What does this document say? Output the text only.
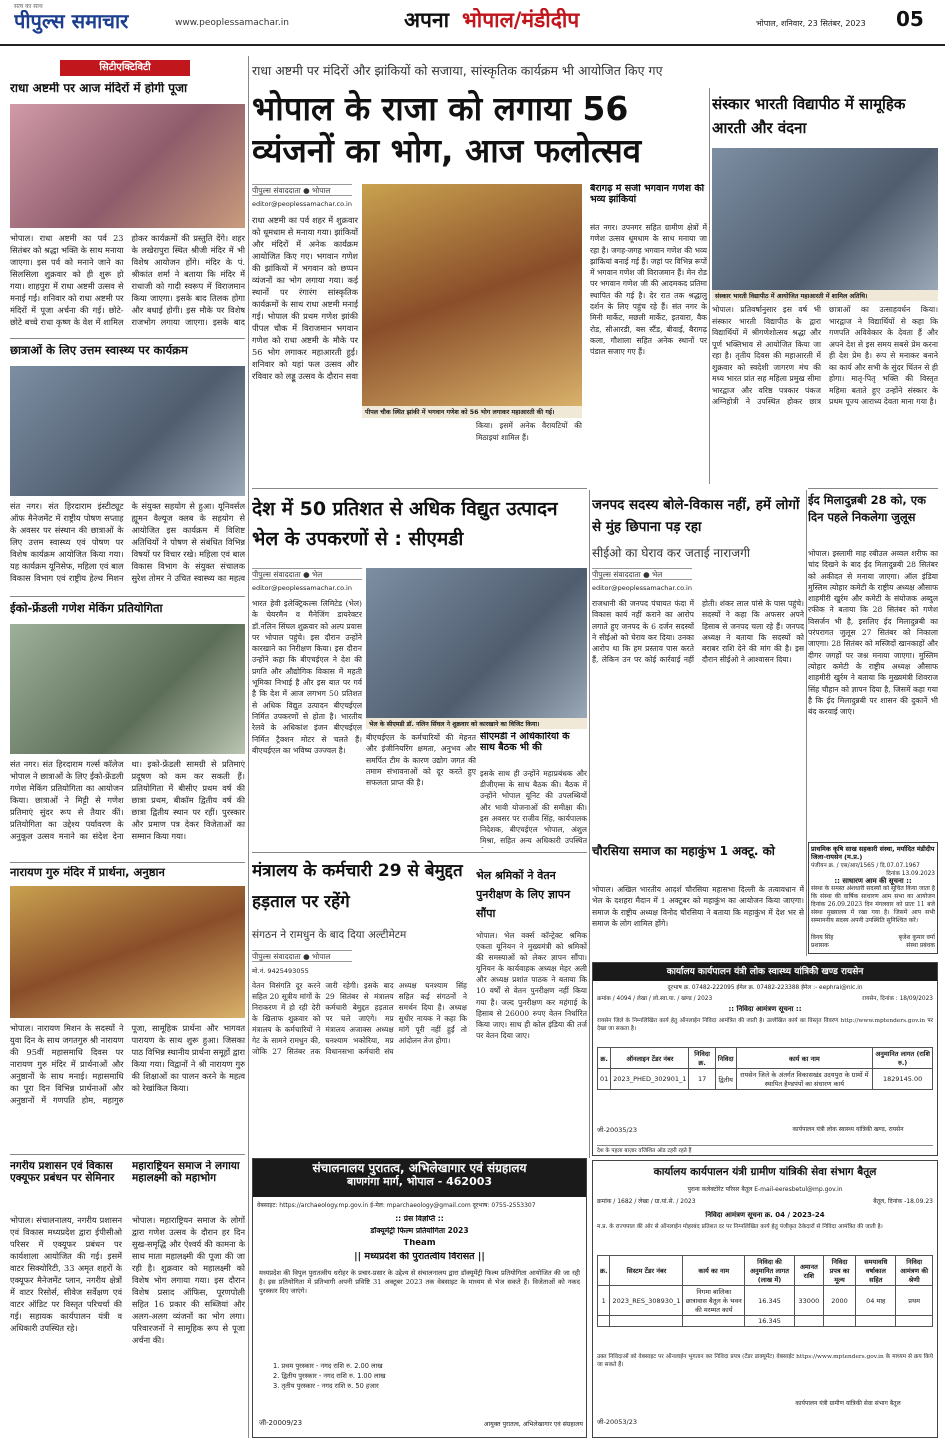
पीपुल्स समाचार
सत्य का साथ
www.peoplessamachar.in	अपना भोपाल/मंडीदीप	भोपाल, शनिवार, 23 सितंबर, 2023	05
सिटीएक्टिविटी
राधा अष्टमी पर आज मंदिरों में होगी पूजा
भोपाल। राधा अष्टमी का पर्व 23 सितंबर को श्रद्धा भक्ति के साथ मनाया जाएगा। इस पर्व को मनाने जाने का सिलसिला शुक्रवार को ही शुरू हो गया। शाहपुरा में राधा अष्टमी उत्सव से मनाई गई। शनिवार को राधा अष्टमी पर मंदिरों में पूजा अर्चना की गई। छोटे-छोटे बच्चे राधा कृष्ण के वेश में शामिल होकर कार्यक्रमों की प्रस्तुति देंगे। शहर के लखेरापुरा स्थित श्रीजी मंदिर में भी विशेष आयोजन होंगे। मंदिर के पं. श्रीकांत शर्मा ने बताया कि मंदिर में राधाजी को गादी स्वरूप में विराजमान किया जाएगा। इसके बाद तिलक होगा और बधाई होगी। इस मौके पर विशेष राजभोग लगाया जाएगा। इसके बाद
छात्राओं के लिए उत्तम स्वास्थ्य पर कार्यक्रम
संत नगर। संत हिरदाराम इंस्टीट्यूट ऑफ मैनेजमेंट में राष्ट्रीय पोषण सप्ताह के अवसर पर संस्थान की छात्राओं के लिए उत्तम स्वास्थ्य एवं पोषण पर विशेष कार्यक्रम आयोजित किया गया। यह कार्यक्रम यूनिसेफ, महिला एवं बाल विकास विभाग एवं राष्ट्रीय हेल्थ मिशन के संयुक्त सहयोग से हुआ। यूनिवर्सल ह्यूमन वैल्यूज क्लब के सहयोग से आयोजित इस कार्यक्रम में विशिष्ट अतिथियों ने पोषण से संबंधित विभिन्न विषयों पर विचार रखे। महिला एवं बाल विकास विभाग के संयुक्त संचालक सुरेश तोमर ने उचित स्वास्थ्य का महत्व
ईको-फ्रेंडली गणेश मेकिंग प्रतियोगिता
संत नगर। संत हिरदाराम गर्ल्स कॉलेज भोपाल ने छात्राओं के लिए ईको-फ्रेंडली गणेश मेकिंग प्रतियोगिता का आयोजन किया। छात्राओं ने मिट्टी से गणेश प्रतिमाएं सुंदर रूप से तैयार कीं। प्रतियोगिता का उद्देश्य पर्यावरण के अनुकूल उत्सव मनाने का संदेश देना था। इको-फ्रेंडली सामग्री से प्रतिमाएं प्रदूषण को कम कर सकती हैं। प्रतियोगिता में बीसीए प्रथम वर्ष की छात्रा प्रथम, बीकॉम द्वितीय वर्ष की छात्रा द्वितीय स्थान पर रहीं। पुरस्कार और प्रमाण पत्र देकर विजेताओं का सम्मान किया गया।
नारायण गुरु मंदिर में प्रार्थना, अनुष्ठान
भोपाल। नारायण मिशन के सदस्यों ने युवा दिन के साथ जगतगुरु श्री नारायण की 95वीं महासमाधि दिवस पर नारायण गुरु मंदिर में प्रार्थनाओं और अनुष्ठानों के साथ मनाई। महासमाधि का पूरा दिन विभिन्न प्रार्थनाओं और अनुष्ठानों में गणपति होम, महागुरु पूजा, सामूहिक प्रार्थना और भागवत पारायण के साथ शुरू हुआ। जिसका पाठ विभिन्न स्थानीय प्रार्थना समूहों द्वारा किया गया। विद्वानों ने श्री नारायण गुरु की शिक्षाओं का पालन करने के महत्व को रेखांकित किया।
नगरीय प्रशासन एवं विकास एक्यूफर प्रबंधन पर सेमिनार
भोपाल। संचालनालय, नगरीय प्रशासन एवं विकास मध्यप्रदेश द्वारा ईपीसीओ परिसर में एक्यूफर प्रबंधन पर कार्यशाला आयोजित की गई। इसमें वाटर सिक्योरिटी, 33 अमृत शहरों के एक्यूफर मैनेजमेंट प्लान, नगरीय क्षेत्रों में वाटर रिसोर्स, सीवेज सर्वेक्षण एवं वाटर ऑडिट पर विस्तृत परिचर्चा की गई। सहायक कार्यपालन यंत्री व अधिकारी उपस्थित रहे।
महाराष्ट्रियन समाज ने लगाया महालक्ष्मी को महाभोग
भोपाल। महाराष्ट्रियन समाज के लोगों द्वारा गणेश उत्सव के दौरान हर दिन सुख-समृद्धि और ऐश्वर्य की कामना के साथ माता महालक्ष्मी की पूजा की जा रही है। शुक्रवार को महालक्ष्मी को विशेष भोग लगाया गया। इस दौरान विशेष प्रसाद ऑफिस, पूरणपोली सहित 16 प्रकार की सब्जियां और अलग-अलग व्यंजनों का भोग लगा। परिवारजनों ने सामूहिक रूप से पूजा अर्चना की।
राधा अष्टमी पर मंदिरों और झांकियों को सजाया, सांस्कृतिक कार्यक्रम भी आयोजित किए गए
भोपाल के राजा को लगाया 56 व्यंजनों का भोग, आज फलोत्सव
पीपुल्स संवाददाता ● भोपाल
editor@peoplessamachar.co.in
राधा अष्टमी का पर्व शहर में शुक्रवार को धूमधाम से मनाया गया। झांकियों और मंदिरों में अनेक कार्यक्रम आयोजित किए गए। भगवान गणेश की झांकियों में भगवान को छप्पन व्यंजनों का भोग लगाया गया। कई स्थानों पर रंगारंग सांस्कृतिक कार्यक्रमों के साथ राधा अष्टमी मनाई गई। भोपाल की प्रथम गणेश झांकी पीपल चौक में विराजमान भगवान गणेश को राधा अष्टमी के मौके पर 56 भोग लगाकर महाआरती हुई। शनिवार को यहां फल उत्सव और रविवार को लड्डू उत्सव के दौरान सवा
पीपल चौक स्थित झांकी में भगवान गणेश को 56 भोग लगाकर महाआरती की गई।
किया। इसमें अनेक वैरायटियों की मिठाइयां शामिल हैं।
बैरागढ़ में सजी भगवान गणेश की भव्य झांकियां
संत नगर। उपनगर सहित ग्रामीण क्षेत्रों में गणेश उत्सव धूमधाम के साथ मनाया जा रहा है। जगह-जगह भगवान गणेश की भव्य झांकियां बनाई गई हैं। जहां पर विभिन्न रूपों में भगवान गणेश जी विराजमान हैं। मेन रोड पर भगवान गणेश जी की आदमकद प्रतिमा स्थापित की गई है। देर रात तक श्रद्धालु दर्शन के लिए पहुंच रहे हैं। संत नगर के मिनी मार्केट, मछली मार्केट, इतवारा, वैक रोड, सीआरडी, बस स्टैंड, बीवाई, बैरागढ़ कला, गौशाला सहित अनेक स्थानों पर पंडाल सजाए गए हैं।
संस्कार भारती विद्यापीठ में सामूहिक आरती और वंदना
संस्कार भारती विद्यापीठ में आयोजित महाआरती में शामिल अतिथि।
भोपाल। प्रतिवर्षानुसार इस वर्ष भी संस्कार भारती विद्यापीठ के द्वारा विद्यार्थियों में श्रीगणेशोत्सव श्रद्धा और पूर्ण भक्तिभाव से आयोजित किया जा रहा है। तृतीय दिवस की महाआरती में शुक्रवार को स्वदेशी जागरण मंच की मध्य भारत प्रांत सह महिला प्रमुख सीमा भारद्वाज और वरिष्ठ पत्रकार पंकज अग्निहोत्री ने उपस्थित होकर छात्र छात्राओं का उत्साहवर्धन किया। भारद्वाज ने विद्यार्थियों से कहा कि गणपति अविवेकार के देवता हैं और अपने देश से इस समय सबसे प्रेम करना ही देश प्रेम है। रूप से मनाकर बनाने का कार्य और सभी के सुंदर चिंतन से ही होगा। मातृ-पितृ भक्ति की विस्तृत महिमा बताते हुए उन्होंने संस्कार के प्रथम पूज्य आराध्य देवता माना गया है।
ईद मिलादुन्नबी 28 को, एक दिन पहले निकलेगा जुलूस
भोपाल। इस्लामी माह रबीउल अव्वल शरीफ का चांद दिखने के बाद ईद मिलादुन्नबी 28 सितंबर को अकीदत से मनाया जाएगा। ऑल इंडिया मुस्लिम त्योहार कमेटी के राष्ट्रीय अध्यक्ष औसाफ शाहमीरी खुर्रम और कमेटी के संयोजक अब्दुल रफीक ने बताया कि 28 सितंबर को गणेश विसर्जन भी है, इसलिए ईद मिलादुन्नबी का परंपरागत जुलूस 27 सितंबर को निकाला जाएगा। 28 सितंबर को मस्जिदों खानकाहों और दीगर जगहों पर जश्न मनाया जाएगा। मुस्लिम त्योहार कमेटी के राष्ट्रीय अध्यक्ष औसाफ शाहमीरी खुर्रम ने बताया कि मुख्यमंत्री शिवराज सिंह चौहान को ज्ञापन दिया है, जिसमें कहा गया है कि ईद मिलादुन्नबी पर शासन की दुकानें भी बंद करवाई जाएं।
देश में 50 प्रतिशत से अधिक विद्युत उत्पादन भेल के उपकरणों से : सीएमडी
पीपुल्स संवाददाता ● भेल
editor@peoplessamachar.co.in
भारत हेवी इलेक्ट्रिकल्स लिमिटेड (भेल) के चेयरमैन व मैनेजिंग डायरेक्टर डॉ.नलिन सिंघल शुक्रवार को अल्प प्रवास पर भोपाल पहुंचे। इस दौरान उन्होंने कारखाने का निरीक्षण किया। इस दौरान उन्होंने कहा कि बीएचईएल ने देश की प्रगति और औद्योगिक विकास में महती भूमिका निभाई है और इस बात पर गर्व है कि देश में आज लगभग 50 प्रतिशत से अधिक विद्युत उत्पादन बीएचईएल निर्मित उपकरणों से होता है। भारतीय रेलवे के अधिकांश इंजन बीएचईएल निर्मित ट्रैक्शन मोटर से चलते हैं। बीएचईएल का भविष्य उज्ज्वल है।
भेल के सीएमडी डॉ. नलिन सिंघल ने शुक्रवार को कारखाने का विजिट किया।
बीएचईएल के कर्मचारियों की मेहनत और इंजीनियरिंग क्षमता, अनुभव और समर्पित टीम के कारण उद्योग जगत की तमाम संभावनाओं को दूर करते हुए सफलता प्राप्त की है।
सीएमडी ने अधिकारियों के साथ बैठक भी की
इसके साथ ही उन्होंने महाप्रबंधक और डीजीएम्स के साथ बैठक की। बैठक में उन्होंने भोपाल यूनिट की उपलब्धियों और भावी योजनाओं की समीक्षा की। इस अवसर पर राजीव सिंह, कार्यपालक निदेशक, बीएचईएल भोपाल, अंशुल मिश्रा, सहित अन्य अधिकारी उपस्थित
जनपद सदस्य बोले-विकास नहीं, हमें लोगों से मुंह छिपाना पड़ रहा
सीईओ का घेराव कर जताई नाराजगी
पीपुल्स संवाददाता ● भेल
editor@peoplessamachar.co.in
राजधानी की जनपद पंचायत फंदा में विकास कार्य नहीं कराने का आरोप लगाते हुए जनपद के 6 दर्जन सदस्यों ने सीईओ को घेराव कर दिया। उनका आरोप था कि हम प्रस्ताव पास करते हैं, लेकिन उन पर कोई कार्रवाई नहीं होती। शंकर लाल पांसे के पास पहुंचे। सदस्यों ने कहा कि अफसर अपने हिसाब से जनपद चला रहे हैं। जनपद अध्यक्ष ने बताया कि सदस्यों को बराबर राशि देने की मांग की है। इस दौरान सीईओ ने आश्वासन दिया।
चौरसिया समाज का महाकुंभ 1 अक्टू. को
भोपाल। अखिल भारतीय आदर्श चौरसिया महासभा दिल्ली के तत्वावधान में भेल के दशहरा मैदान में 1 अक्टूबर को महाकुंभ का आयोजन किया जाएगा। समाज के राष्ट्रीय अध्यक्ष विनोद चौरसिया ने बताया कि महाकुंभ में देश भर से समाज के लोग शामिल होंगे।
प्राथमिक कृषि साख सहकारी संस्था, मर्यादित मंडीदीप जिला-रायसेन (म.प्र.)
पंजीयन क्र. / एस/आर/1565 / दि.07.07.1967
दिनांक 13.09.2023
:: साधारण आम की सूचना ::
संस्था के समस्त अंशधारी सदस्यों को सूचित किया जाता है कि संस्था की वार्षिक साधारण आम सभा का आयोजन दिनांक 26.09.2023 दिन मंगलवार को प्रातः 11 बजे संस्था मुख्यालय में रखा गया है। जिसमें आप सभी सम्माननीय सदस्य अपनी उपस्थिति सुनिश्चित करें।
विनय सिंह	बृजेश कुमार वर्मा
प्रशासक	संस्था प्रबंधक
मंत्रालय के कर्मचारी 29 से बेमुद्दत हड़ताल पर रहेंगे
संगठन ने रामधुन के बाद दिया अल्टीमेटम
पीपुल्स संवाददाता ● भोपाल
मो.नं. 9425493055
वेतन विसंगति दूर करने सहित 20 सूत्रीय मांगों के निराकरण में हो रही देरी के खिलाफ शुक्रवार को मंत्रालय के कर्मचारियों ने गेट के सामने रामधुन की, जोकि 27 सितंबर तक जारी रहेगी। इसके बाद 29 सितंबर से मंत्रालय कर्मचारी बेमुद्दत हड़ताल पर चले जाएंगे। मप्र मंत्रालय अजाक्स अध्यक्ष घनश्याम भकोरिया, मप्र विधानसभा कर्मचारी संघ अध्यक्ष घनश्याम सिंह सहित कई संगठनों ने समर्थन दिया है। अध्यक्ष सुधीर नायक ने कहा कि मांगें पूरी नहीं हुईं तो आंदोलन तेज होगा।
भेल श्रमिकों ने वेतन पुनरीक्षण के लिए ज्ञापन सौंपा
भोपाल। भेल वर्क्स कॉन्ट्रेक्ट श्रमिक एकता यूनियन ने मुख्यमंत्री को श्रमिकों की समस्याओं को लेकर ज्ञापन सौंपा। यूनियन के कार्यवाहक अध्यक्ष मेहर अली और अध्यक्ष प्रशांत पाठक ने बताया कि 10 वर्षों से वेतन पुनरीक्षण नहीं किया गया है। जल्द पुनरीक्षण कर महंगाई के हिसाब से 26000 रुपए वेतन निर्धारित किया जाए। साथ ही कोल इंडिया की तर्ज पर वेतन दिया जाए।
संचालनालय पुरातत्व, अभिलेखागार एवं संग्रहालय
बाणगंगा मार्ग, भोपाल - 462003
वेबसाइट: https://archaeology.mp.gov.in ई-मेल: mparchaeology@gmail.com दूरभाष: 0755-2553307
:: प्रेस विज्ञप्ति ::
डॉक्यूमेंट्री फिल्म प्रतियोगिता 2023
Theam
|| मध्यप्रदेश की पुरातत्वीय विरासत ||
मध्यप्रदेश की विपुल पुरातत्वीय धरोहर के प्रचार-प्रसार के उद्देश्य से संचालनालय द्वारा डॉक्यूमेंट्री फिल्म प्रतियोगिता आयोजित की जा रही है। इस प्रतियोगिता में प्रतिभागी अपनी प्रविष्टि 31 अक्टूबर 2023 तक वेबसाइट के माध्यम से भेज सकते हैं। विजेताओं को नकद पुरस्कार दिए जाएंगे।
1. प्रथम पुरस्कार - नगद राशि रु. 2.00 लाख
2. द्वितीय पुरस्कार - नगद राशि रु. 1.00 लाख
3. तृतीय पुरस्कार - नगद राशि रु. 50 हजार
जी-20009/23	आयुक्त पुरातत्व, अभिलेखागार एवं संग्रहालय
कार्यालय कार्यपालन यंत्री लोक स्वास्थ्य यांत्रिकी खण्ड रायसेन
दूरभाष क्र. 07482-222095 ईमेल क्र. 07482-223388 ईमेल :- eephrai@nic.in
क्रमांक / 4094 / लेखा / लो.स्वा.या. / खण्ड / 2023	रायसेन, दिनांक : 18/09/2023
:: निविदा आमंत्रण सूचना ::
रायसेन जिले के निम्नलिखित कार्य हेतु ऑनलाईन निविदा आमंत्रित की जाती है। उल्लेखित कार्य का विस्तृत विवरण http://www.mptenders.gov.in पर देखा जा सकता है।
क्र.	ऑनलाइन टेंडर नंबर	निविदा क्र.	निविदा	कार्य का नाम	अनुमानित लागत (राशि रु.)
01	2023_PHED_302901_1	17	द्वितीय	रायसेन जिले के अंतर्गत विकासखंड उदयपुरा के ग्रामों में स्थापित हैण्डपंपों का संधारण कार्य	1829145.00
जी-20035/23	कार्यपालन यंत्री लोक स्वास्थ्य यांत्रिकी खण्ड, रायसेन
देश के पहला बाज़ार वजिशित ऑड टहरी रहते हैं
कार्यालय कार्यपालन यंत्री ग्रामीण यांत्रिकी सेवा संभाग बैतूल
पुराना कलेक्टोरेट परिसर बैतूल E-mail-eeresbetul@mp.gov.in
क्रमांक / 1682 / लेखा / ग्रा.यां.से. / 2023	बैतूल, दिनांक -18.09.23
निविदा आमंत्रण सूचना क्र. 04 / 2023-24
म.प्र. के राज्यपाल की ओर से ऑनलाईन मोहरबंद प्रतिशत दर पर निम्नलिखित कार्य हेतु पंजीकृत ठेकेदारों से निविदा आमंत्रित की जाती है।
क्र.	सिस्टम टेंडर नंबर	कार्य का नाम	निविदा की अनुमानित लागत (लाख में)	अमानत राशि	निविदा प्रपत्र का मूल्य	समयावधि वर्षाकाल सहित	निविदा आमंत्रण की श्रेणी
1	2023_RES_308930_1	निगमा बालिका छात्रावास बैतूल के भवन की मरम्मत कार्य	16.345	33000	2000	04 माह	प्रथम
			16.345				
उक्त निविदाओं को वेबसाइट पर ऑनलाईन भुगतान कर निविदा प्रपत्र (टेंडर डाक्यूमेंट) वेबसाईट https://www.mptenders.gov.in के माध्यम से क्रय किये जा सकते हैं।
जी-20053/23
कार्यपालन यंत्री ग्रामीण यांत्रिकी सेवा संभाग बैतूल
